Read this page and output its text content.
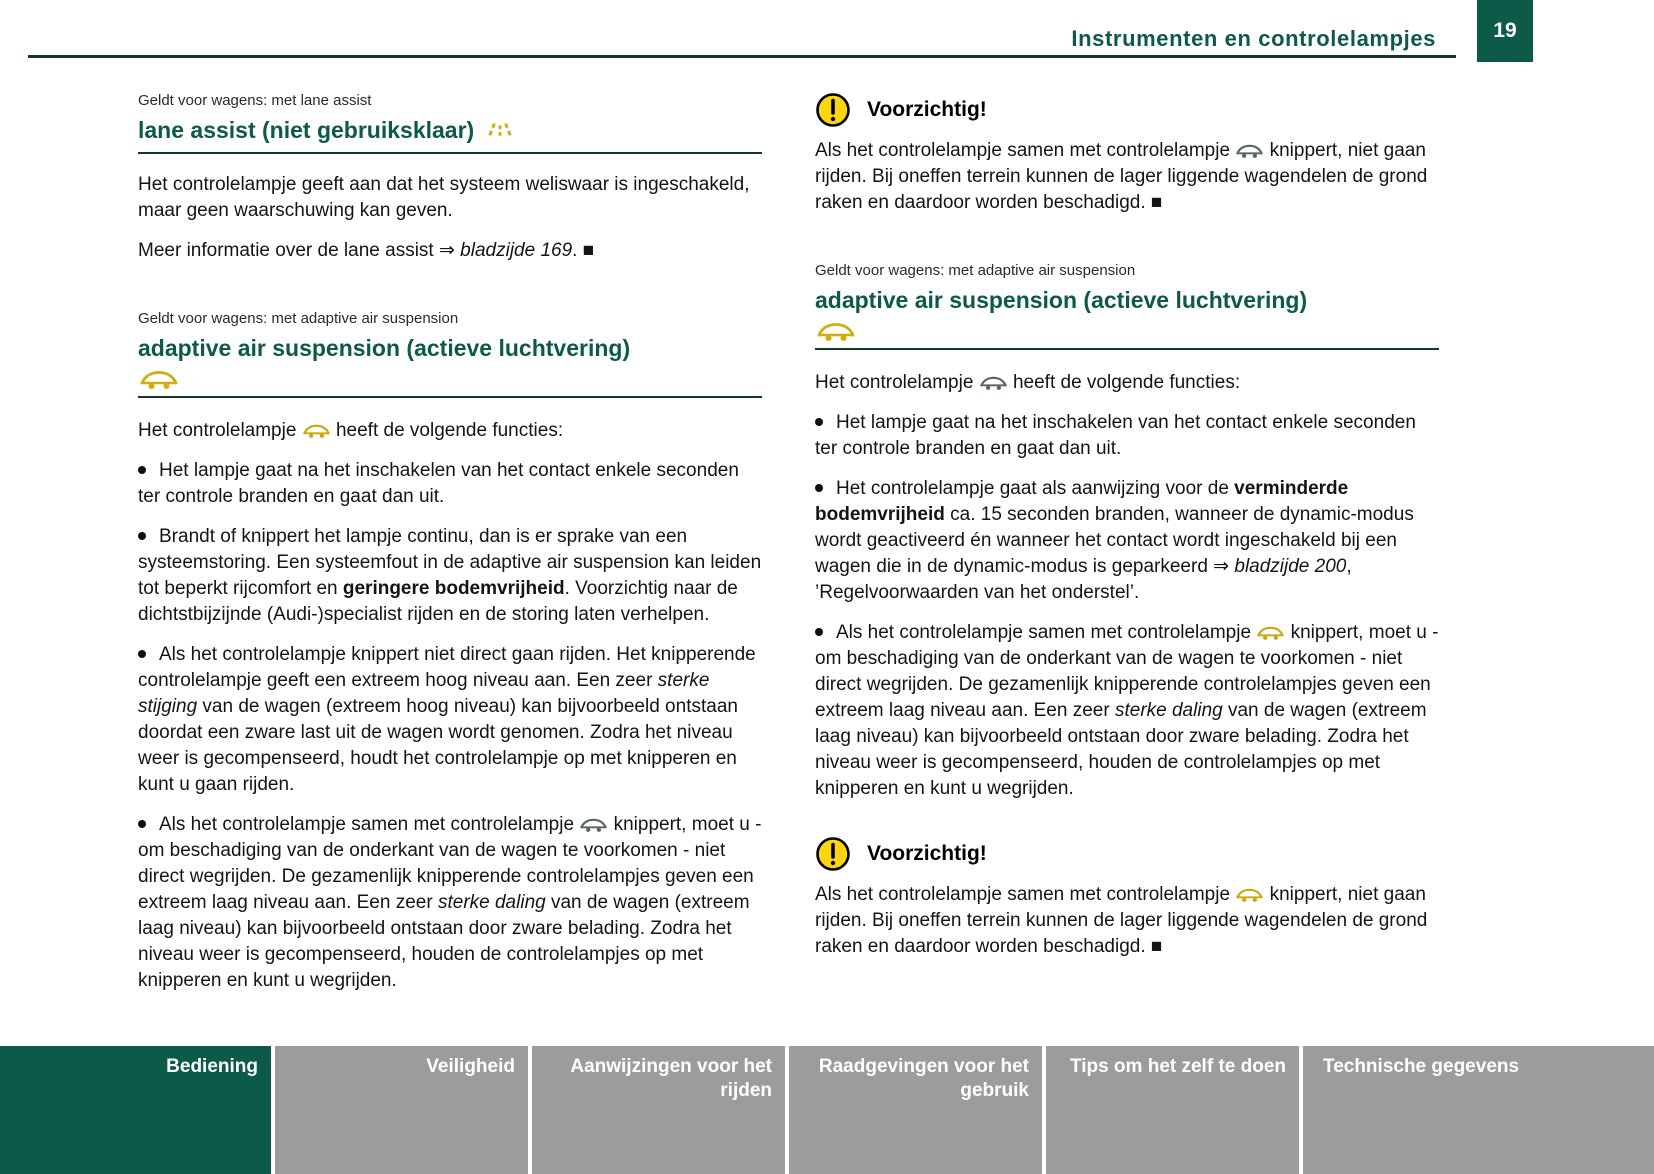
Instrumenten en controlelampjes	19
Geldt voor wagens: met lane assist
lane assist (niet gebruiksklaar)

Het controlelampje geeft aan dat het systeem weliswaar is ingeschakeld, maar geen waarschuwing kan geven.

Meer informatie over de lane assist ⇒ bladzijde 169. ■

Geldt voor wagens: met adaptive air suspension
adaptive air suspension (actieve luchtvering)

Het controlelampje  heeft de volgende functies:

Het lampje gaat na het inschakelen van het contact enkele seconden ter controle branden en gaat dan uit.
Brandt of knippert het lampje continu, dan is er sprake van een systeemstoring. Een systeemfout in de adaptive air suspension kan leiden tot beperkt rijcomfort en geringere bodemvrijheid. Voorzichtig naar de dichtstbijzijnde (Audi-)specialist rijden en de storing laten verhelpen.
Als het controlelampje knippert niet direct gaan rijden. Het knipperende controlelampje geeft een extreem hoog niveau aan. Een zeer sterke stijging van de wagen (extreem hoog niveau) kan bijvoorbeeld ontstaan doordat een zware last uit de wagen wordt genomen. Zodra het niveau weer is gecompenseerd, houdt het controlelampje op met knipperen en kunt u gaan rijden.
Als het controlelampje samen met controlelampje  knippert, moet u - om beschadiging van de onderkant van de wagen te voorkomen - niet direct wegrijden. De gezamenlijk knipperende controlelampjes geven een extreem laag niveau aan. Een zeer sterke daling van de wagen (extreem laag niveau) kan bijvoorbeeld ontstaan door zware belading. Zodra het niveau weer is gecompenseerd, houden de controlelampjes op met knipperen en kunt u wegrijden.
Voorzichtig!

Als het controlelampje samen met controlelampje  knippert, niet gaan rijden. Bij oneffen terrein kunnen de lager liggende wagendelen de grond raken en daardoor worden beschadigd. ■

Geldt voor wagens: met adaptive air suspension
adaptive air suspension (actieve luchtvering)

Het controlelampje  heeft de volgende functies:

Het lampje gaat na het inschakelen van het contact enkele seconden ter controle branden en gaat dan uit.
Het controlelampje gaat als aanwijzing voor de verminderde bodemvrijheid ca. 15 seconden branden, wanneer de dynamic-modus wordt geactiveerd én wanneer het contact wordt ingeschakeld bij een wagen die in de dynamic-modus is geparkeerd ⇒ bladzijde 200, ’Regelvoorwaarden van het onderstel’.
Als het controlelampje samen met controlelampje  knippert, moet u - om beschadiging van de onderkant van de wagen te voorkomen - niet direct wegrijden. De gezamenlijk knipperende controlelampjes geven een extreem laag niveau aan. Een zeer sterke daling van de wagen (extreem laag niveau) kan bijvoorbeeld ontstaan door zware belading. Zodra het niveau weer is gecompenseerd, houden de controlelampjes op met knipperen en kunt u wegrijden.
Voorzichtig!

Als het controlelampje samen met controlelampje  knippert, niet gaan rijden. Bij oneffen terrein kunnen de lager liggende wagendelen de grond raken en daardoor worden beschadigd. ■

Bediening	Veiligheid	Aanwijzingen voor het rijden
Raadgevingen voor het gebruik
Tips om het zelf te doen	Technische gegevens
